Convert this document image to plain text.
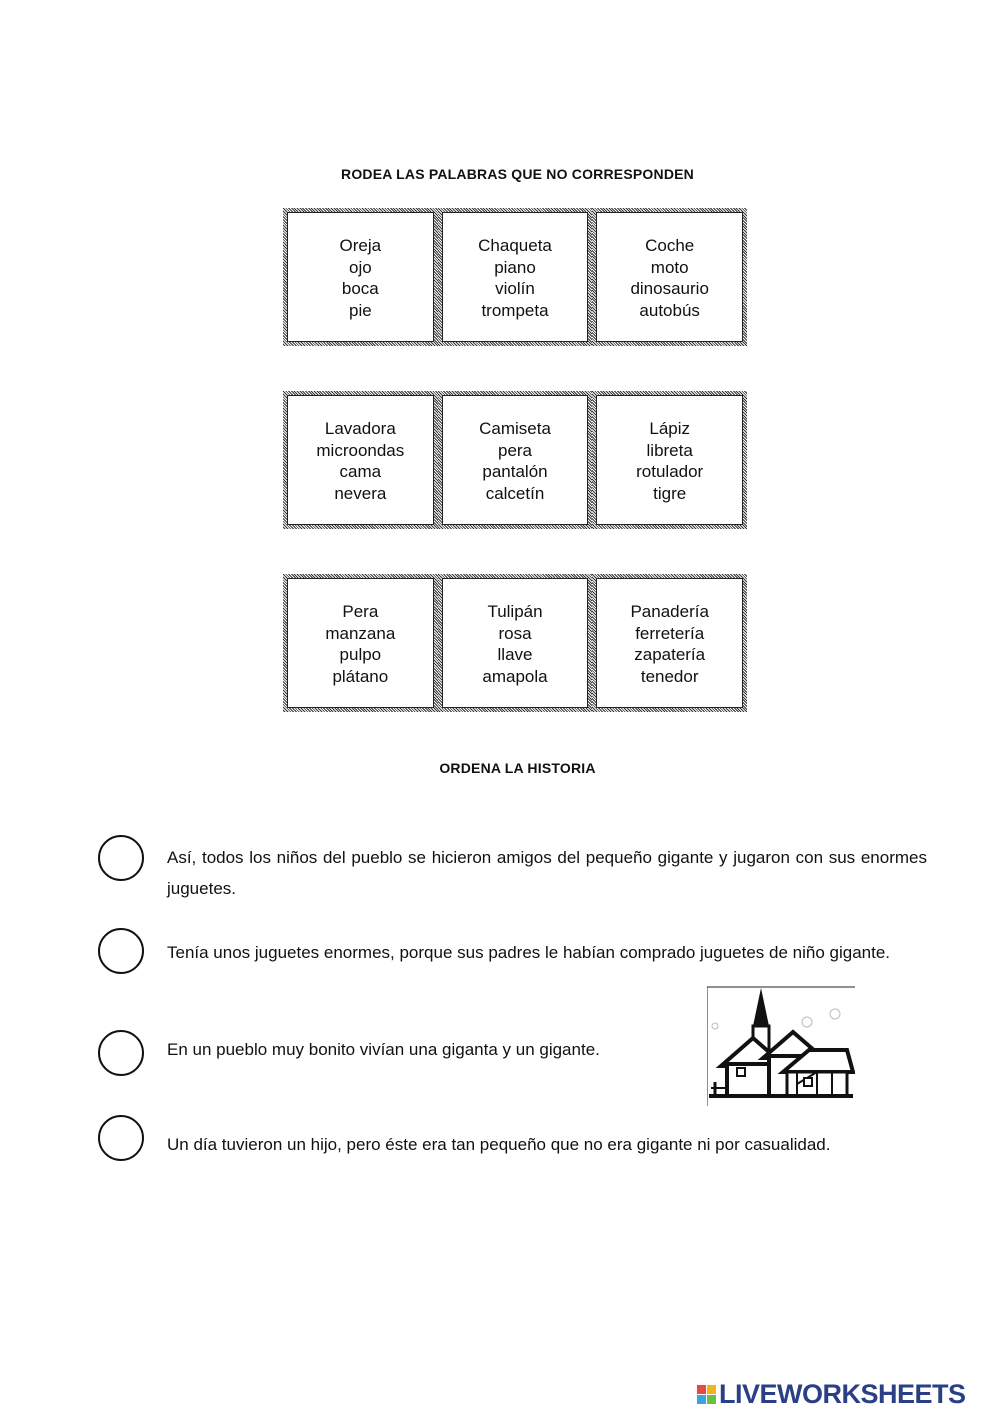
RODEA LAS PALABRAS QUE NO CORRESPONDEN
Oreja
ojo
boca
pie
Chaqueta
piano
violín
trompeta
Coche
moto
dinosaurio
autobús
Lavadora
microondas
cama
nevera
Camiseta
pera
pantalón
calcetín
Lápiz
libreta
rotulador
tigre
Pera
manzana
pulpo
plátano
Tulipán
rosa
llave
amapola
Panadería
ferretería
zapatería
tenedor
ORDENA LA HISTORIA
Así, todos los niños del pueblo se hicieron amigos del pequeño gigante y jugaron con sus enormes juguetes.
Tenía unos juguetes enormes, porque sus padres le habían comprado juguetes de niño gigante.
En un pueblo muy bonito vivían una giganta y un gigante.
Un día tuvieron un hijo, pero éste era tan pequeño que no era gigante ni por casualidad.
LIVEWORKSHEETS
